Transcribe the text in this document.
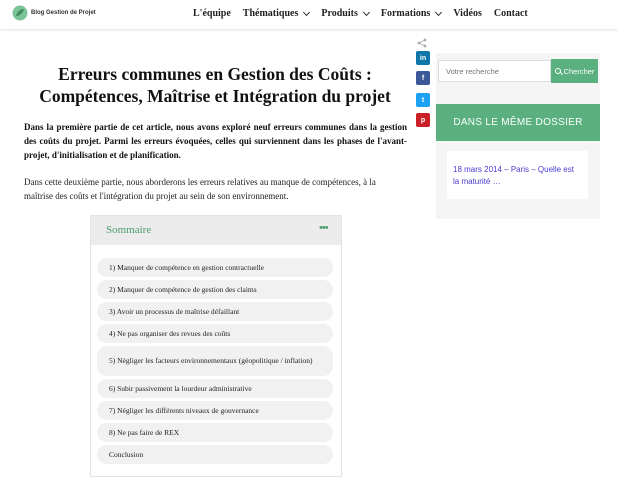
Blog Gestion de Projet	L'équipe Thématiques Produits Formations Vidéos Contact
in
f
t
p
Erreurs communes en Gestion des Coûts :
Compétences, Maîtrise et Intégration du projet

Dans la première partie de cet article, nous avons exploré neuf erreurs communes dans la gestion des coûts du projet. Parmi les erreurs évoquées, celles qui surviennent dans les phases de l'avant-projet, d'initialisation et de planification.

Dans cette deuxième partie, nous aborderons les erreurs relatives au manque de compétences, à la maîtrise des coûts et l'intégration du projet au sein de son environnement.

Sommaire	•••
1) Manquer de compétence en gestion contractuelle
2) Manquer de compétence de gestion des claims
3) Avoir un processus de maîtrise défaillant
4) Ne pas organiser des revues des coûts
5) Négliger les facteurs environnementaux (géopolitique / inflation)
6) Subir passivement la lourdeur administrative
7) Négliger les différents niveaux de gouvernance
8) Ne pas faire de REX
Conclusion
Votre recherche
Chercher
DANS LE MÊME DOSSIER
18 mars 2014 – Paris – Quelle est la maturité …
